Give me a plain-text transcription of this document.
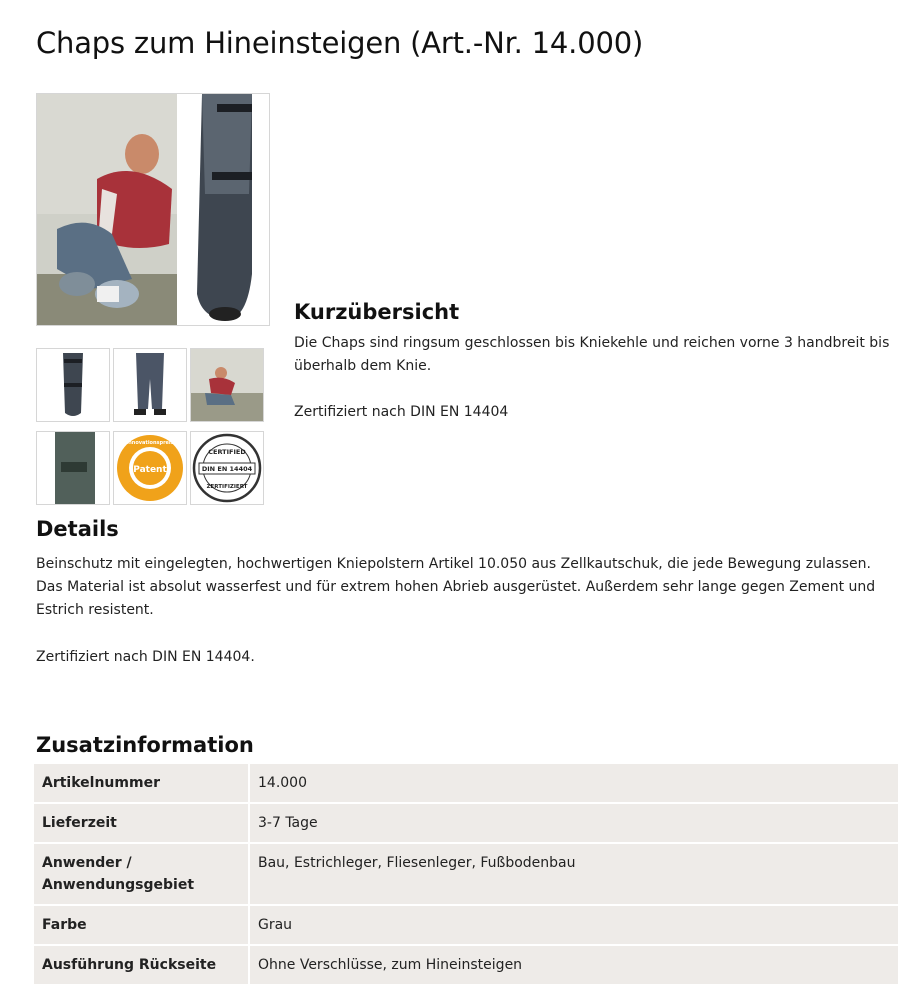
Chaps zum Hineinsteigen (Art.-Nr. 14.000)
Patent
Innovationspreis
DIN EN 14404
CERTIFIED
ZERTIFIZIERT
Kurzübersicht

Die Chaps sind ringsum geschlossen bis Kniekehle und reichen vorne 3 handbreit bis überhalb dem Knie.

Zertifiziert nach DIN EN 14404

Details

Beinschutz mit eingelegten, hochwertigen Kniepolstern Artikel 10.050 aus Zellkautschuk, die jede Bewegung zulassen. Das Material ist absolut wasserfest und für extrem hohen Abrieb ausgerüstet. Außerdem sehr lange gegen Zement und Estrich resistent.

Zertifiziert nach DIN EN 14404.

Zusatzinformation
Artikelnummer	14.000
Lieferzeit	3-7 Tage
Anwender / Anwendungsgebiet	Bau, Estrichleger, Fliesenleger, Fußbodenbau
Farbe	Grau
Ausführung Rückseite	Ohne Verschlüsse, zum Hineinsteigen
